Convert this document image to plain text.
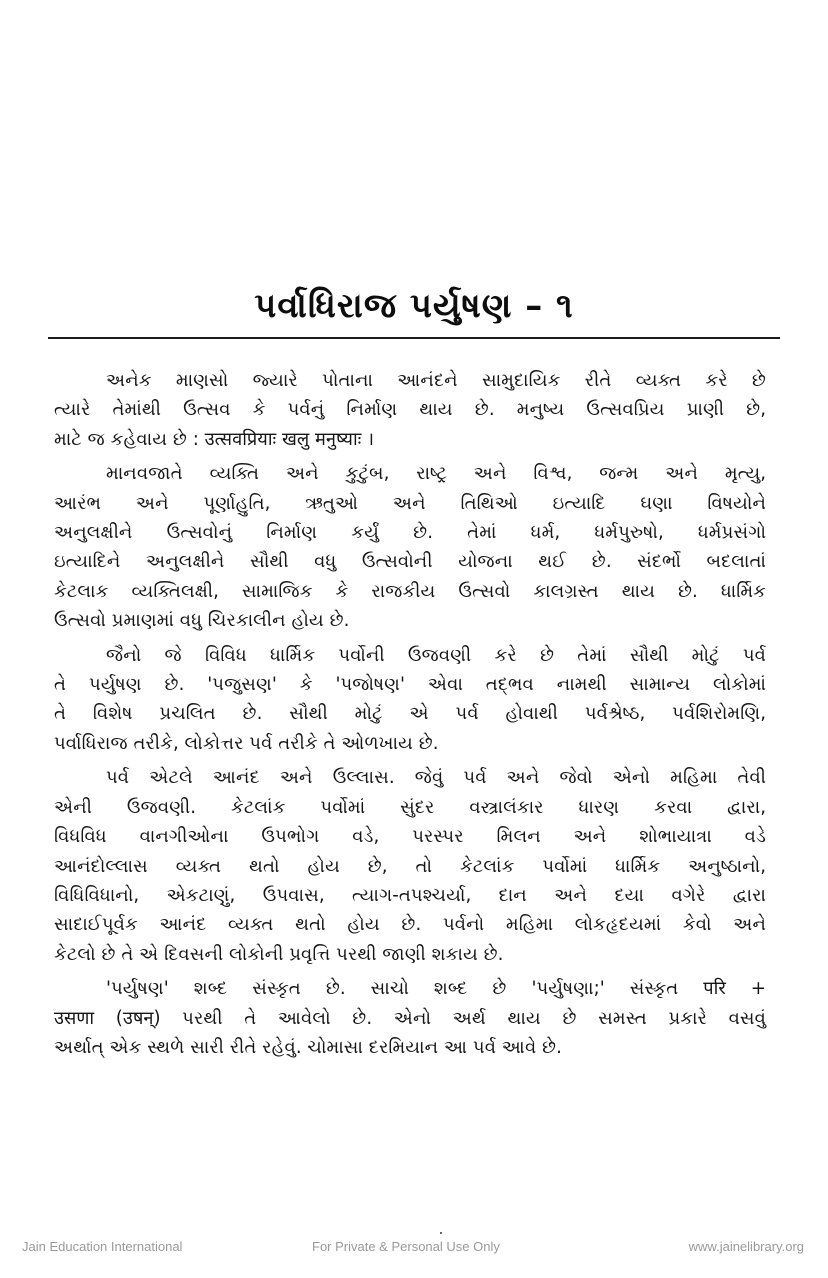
પર્વાધિરાજ પર્યુષણ – ૧
અનેક માણસો જ્યારે પોતાના આનંદને સામુદાયિક રીતે વ્યક્ત કરે છે
ત્યારે તેમાંથી ઉત્સવ કે પર્વનું નિર્માણ થાય છે. મનુષ્ય ઉત્સવપ્રિય પ્રાણી છે,
માટે જ કહેવાય છે : उत्सवप्रियाः खलु मनुष्याः ।
માનવજાતે વ્યક્તિ અને કુટુંબ, રાષ્ટ્ર અને વિશ્વ, જન્મ અને મૃત્યુ,
આરંભ અને પૂર્ણાહુતિ, ઋતુઓ અને તિથિઓ ઇત્યાદિ ઘણા વિષયોને
અનુલક્ષીને ઉત્સવોનું નિર્માણ કર્યું છે. તેમાં ધર્મ, ધર્મપુરુષો, ધર્મપ્રસંગો
ઇત્યાદિને અનુલક્ષીને સૌથી વધુ ઉત્સવોની યોજના થઈ છે. સંદર્ભો બદલાતાં
કેટલાક વ્યક્તિલક્ષી, સામાજિક કે રાજકીય ઉત્સવો કાલગ્રસ્ત થાય છે. ધાર્મિક
ઉત્સવો પ્રમાણમાં વધુ ચિરકાલીન હોય છે.
જૈનો જે વિવિધ ધાર્મિક પર્વોની ઉજવણી કરે છે તેમાં સૌથી મોટું પર્વ
તે પર્યુષણ છે. 'પજુસણ' કે 'પજોષણ' એવા તદ્ભવ નામથી સામાન્ય લોકોમાં
તે વિશેષ પ્રચલિત છે. સૌથી મોટું એ પર્વ હોવાથી પર્વશ્રેષ્ઠ, પર્વશિરોમણિ,
પર્વાધિરાજ તરીકે, લોકોત્તર પર્વ તરીકે તે ઓળખાય છે.
પર્વ એટલે આનંદ અને ઉલ્લાસ. જેવું પર્વ અને જેવો એનો મહિમા તેવી
એની ઉજવણી. કેટલાંક પર્વોમાં સુંદર વસ્ત્રાલંકાર ધારણ કરવા દ્વારા,
વિધવિધ વાનગીઓના ઉપભોગ વડે, પરસ્પર મિલન અને શોભાયાત્રા વડે
આનંદોલ્લાસ વ્યક્ત થતો હોય છે, તો કેટલાંક પર્વોમાં ધાર્મિક અનુષ્ઠાનો,
વિધિવિધાનો, એકટાણું, ઉપવાસ, ત્યાગ-તપશ્ચર્યા, દાન અને દયા વગેરે દ્વારા
સાદાઈપૂર્વક આનંદ વ્યક્ત થતો હોય છે. પર્વનો મહિમા લોકહૃદયમાં કેવો અને
કેટલો છે તે એ દિવસની લોકોની પ્રવૃત્તિ પરથી જાણી શકાય છે.
'પર્યુષણ' શબ્દ સંસ્કૃત છે. સાચો શબ્દ છે 'પર્યુષણા;' સંસ્કૃત परि +
उसणा (उषन्) પરથી તે આવેલો છે. એનો અર્થ થાય છે સમસ્ત પ્રકારે વસવું
અર્થાત્ એક સ્થળે સારી રીતે રહેવું. ચોમાસા દરમિયાન આ પર્વ આવે છે.
Jain Education International	For Private & Personal Use Only	www.jainelibrary.org
